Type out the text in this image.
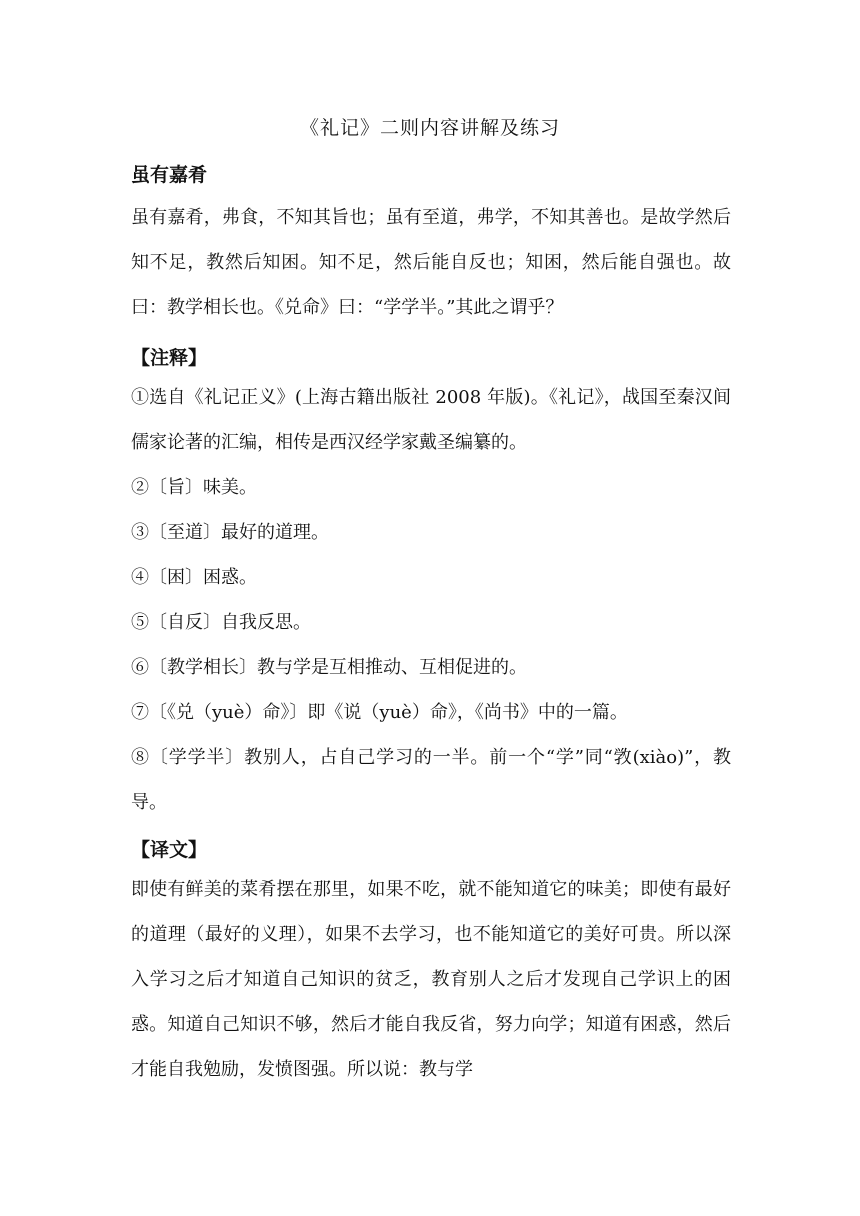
《礼记》二则内容讲解及练习
虽有嘉肴

虽有嘉肴，弗食，不知其旨也；虽有至道，弗学，不知其善也。是故学然后知不足，教然后知困。知不足，然后能自反也；知困，然后能自强也。故曰：教学相长也。《兑命》曰：“学学半。”其此之谓乎？

【注释】

①选自《礼记正义》(上海古籍出版社 2008 年版)。《礼记》，战国至秦汉间儒家论著的汇编，相传是西汉经学家戴圣编纂的。

②〔旨〕味美。

③〔至道〕最好的道理。

④〔困〕困惑。

⑤〔自反〕自我反思。

⑥〔教学相长〕教与学是互相推动、互相促进的。

⑦〔《兑（yuè）命》〕即《说（yuè）命》，《尚书》中的一篇。

⑧〔学学半〕教别人，占自己学习的一半。前一个“学”同“敩(xiào)”，教导。

【译文】

即使有鲜美的菜肴摆在那里，如果不吃，就不能知道它的味美；即使有最好的道理（最好的义理），如果不去学习，也不能知道它的美好可贵。所以深入学习之后才知道自己知识的贫乏，教育别人之后才发现自己学识上的困惑。知道自己知识不够，然后才能自我反省，努力向学；知道有困惑，然后才能自我勉励，发愤图强。所以说：教与学
